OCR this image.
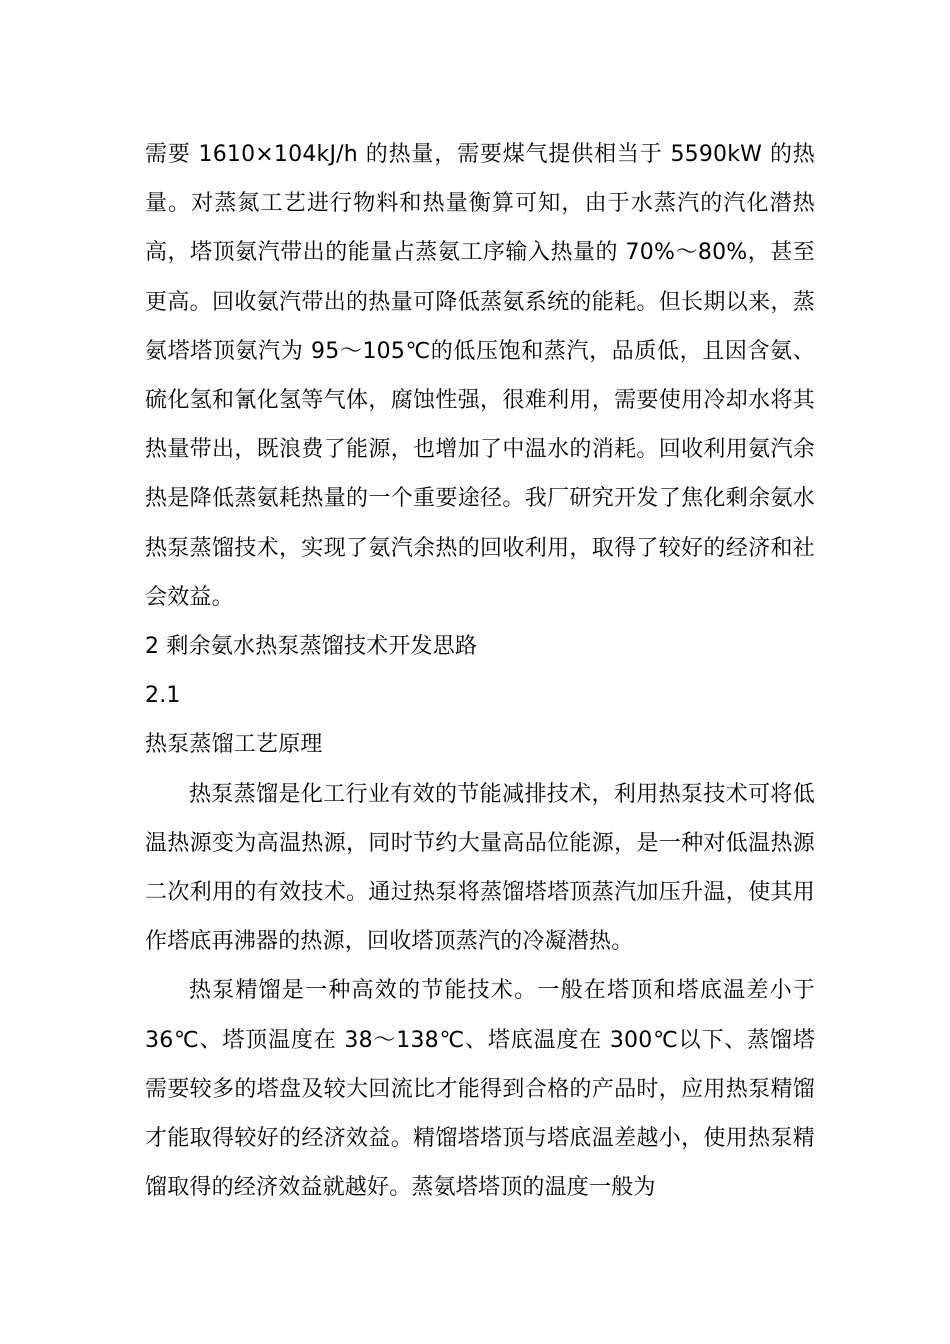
需要 1610×104kJ/h 的热量，需要煤气提供相当于 5590kW 的热量。对蒸氮工艺进行物料和热量衡算可知，由于水蒸汽的汽化潜热高，塔顶氨汽带出的能量占蒸氨工序输入热量的 70%～80%，甚至更高。回收氨汽带出的热量可降低蒸氨系统的能耗。但长期以来，蒸氨塔塔顶氨汽为 95～105℃的低压饱和蒸汽，品质低，且因含氨、硫化氢和氰化氢等气体，腐蚀性强，很难利用，需要使用冷却水将其热量带出，既浪费了能源，也增加了中温水的消耗。回收利用氨汽余热是降低蒸氨耗热量的一个重要途径。我厂研究开发了焦化剩余氨水热泵蒸馏技术，实现了氨汽余热的回收利用，取得了较好的经济和社会效益。

2 剩余氨水热泵蒸馏技术开发思路
2.1
热泵蒸馏工艺原理

热泵蒸馏是化工行业有效的节能减排技术，利用热泵技术可将低温热源变为高温热源，同时节约大量高品位能源，是一种对低温热源二次利用的有效技术。通过热泵将蒸馏塔塔顶蒸汽加压升温，使其用作塔底再沸器的热源，回收塔顶蒸汽的冷凝潜热。

热泵精馏是一种高效的节能技术。一般在塔顶和塔底温差小于 36℃、塔顶温度在 38～138℃、塔底温度在 300℃以下、蒸馏塔需要较多的塔盘及较大回流比才能得到合格的产品时，应用热泵精馏才能取得较好的经济效益。精馏塔塔顶与塔底温差越小，使用热泵精馏取得的经济效益就越好。蒸氨塔塔顶的温度一般为
